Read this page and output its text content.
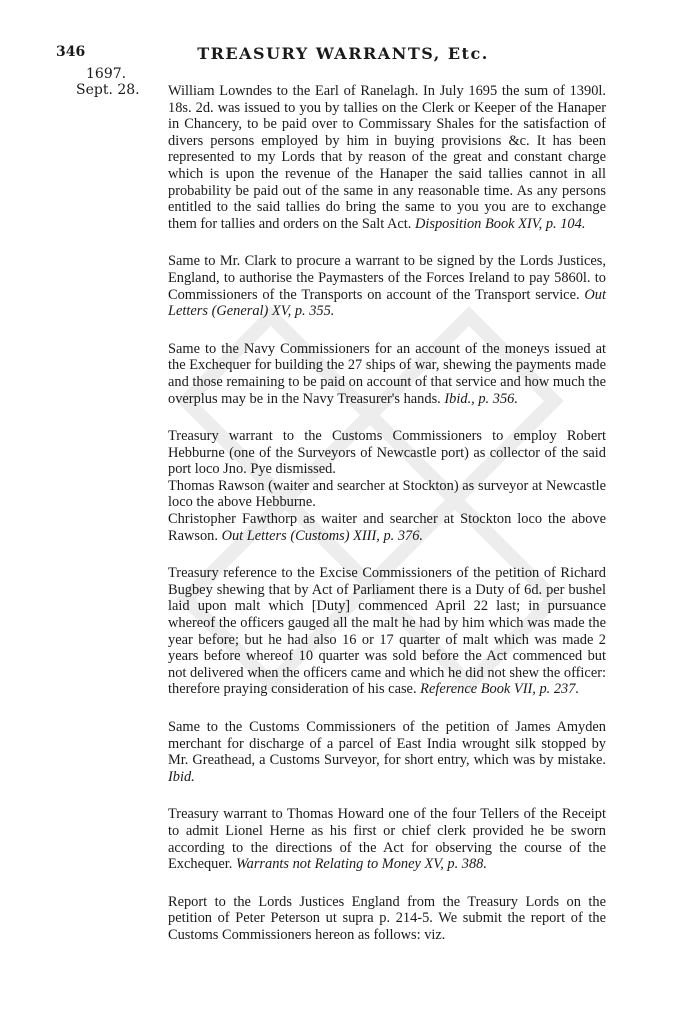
346	TREASURY WARRANTS, Etc.
1697.
Sept. 28. William Lowndes to the Earl of Ranelagh. In July 1695 the sum of 1390l. 18s. 2d. was issued to you by tallies on the Clerk or Keeper of the Hanaper in Chancery, to be paid over to Commissary Shales for the satisfaction of divers persons employed by him in buying provisions &c. It has been represented to my Lords that by reason of the great and constant charge which is upon the revenue of the Hanaper the said tallies cannot in all probability be paid out of the same in any reasonable time. As any persons entitled to the said tallies do bring the same to you you are to exchange them for tallies and orders on the Salt Act. Disposition Book XIV, p. 104.

Same to Mr. Clark to procure a warrant to be signed by the Lords Justices, England, to authorise the Paymasters of the Forces Ireland to pay 5860l. to Commissioners of the Transports on account of the Transport service. Out Letters (General) XV, p. 355.

Same to the Navy Commissioners for an account of the moneys issued at the Exchequer for building the 27 ships of war, shewing the payments made and those remaining to be paid on account of that service and how much the overplus may be in the Navy Treasurer's hands. Ibid., p. 356.

Treasury warrant to the Customs Commissioners to employ Robert Hebburne (one of the Surveyors of Newcastle port) as collector of the said port loco Jno. Pye dismissed.

Thomas Rawson (waiter and searcher at Stockton) as surveyor at Newcastle loco the above Hebburne.

Christopher Fawthorp as waiter and searcher at Stockton loco the above Rawson. Out Letters (Customs) XIII, p. 376.

Treasury reference to the Excise Commissioners of the petition of Richard Bugbey shewing that by Act of Parliament there is a Duty of 6d. per bushel laid upon malt which [Duty] commenced April 22 last; in pursuance whereof the officers gauged all the malt he had by him which was made the year before; but he had also 16 or 17 quarter of malt which was made 2 years before whereof 10 quarter was sold before the Act commenced but not delivered when the officers came and which he did not shew the officer: therefore praying consideration of his case. Reference Book VII, p. 237.

Same to the Customs Commissioners of the petition of James Amyden merchant for discharge of a parcel of East India wrought silk stopped by Mr. Greathead, a Customs Surveyor, for short entry, which was by mistake. Ibid.

Treasury warrant to Thomas Howard one of the four Tellers of the Receipt to admit Lionel Herne as his first or chief clerk provided he be sworn according to the directions of the Act for observing the course of the Exchequer. Warrants not Relating to Money XV, p. 388.

Report to the Lords Justices England from the Treasury Lords on the petition of Peter Peterson ut supra p. 214-5. We submit the report of the Customs Commissioners hereon as follows: viz.
